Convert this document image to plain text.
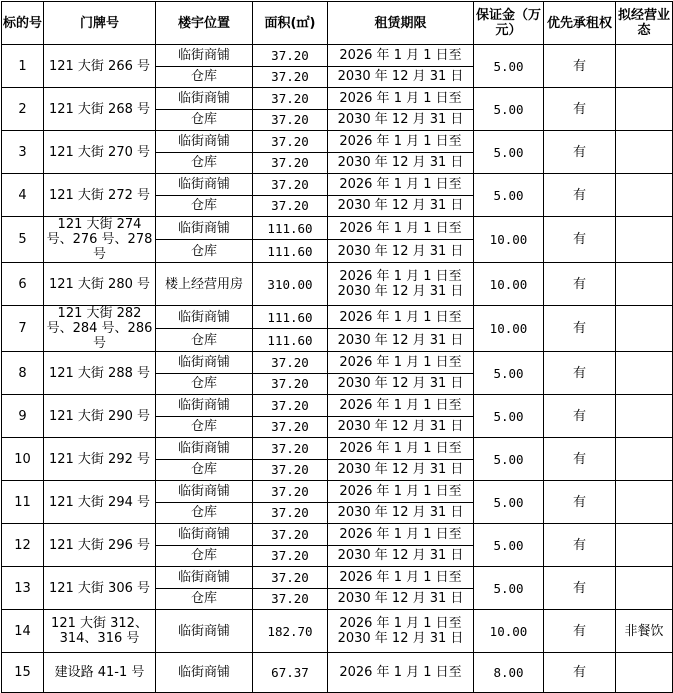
标的号	门牌号	楼宇位置	面积(㎡)	租赁期限	保证金（万元）	优先承租权	拟经营业态
1	121 大街 266 号	临街商铺	37.20	2026 年 1 月 1 日至	5.00	有	
		仓库	37.20	2030 年 12 月 31 日			
2	121 大街 268 号	临街商铺	37.20	2026 年 1 月 1 日至	5.00	有	
		仓库	37.20	2030 年 12 月 31 日			
3	121 大街 270 号	临街商铺	37.20	2026 年 1 月 1 日至	5.00	有	
		仓库	37.20	2030 年 12 月 31 日			
4	121 大街 272 号	临街商铺	37.20	2026 年 1 月 1 日至	5.00	有	
		仓库	37.20	2030 年 12 月 31 日			
5	121 大街 274 号、276 号、278 号	临街商铺	111.60	2026 年 1 月 1 日至	10.00	有	
		仓库	111.60	2030 年 12 月 31 日			
6	121 大街 280 号	楼上经营用房	310.00	2026 年 1 月 1 日至 2030 年 12 月 31 日	10.00	有	
7	121 大街 282 号、284 号、286 号	临街商铺	111.60	2026 年 1 月 1 日至	10.00	有	
		仓库	111.60	2030 年 12 月 31 日			
8	121 大街 288 号	临街商铺	37.20	2026 年 1 月 1 日至	5.00	有	
		仓库	37.20	2030 年 12 月 31 日			
9	121 大街 290 号	临街商铺	37.20	2026 年 1 月 1 日至	5.00	有	
		仓库	37.20	2030 年 12 月 31 日			
10	121 大街 292 号	临街商铺	37.20	2026 年 1 月 1 日至	5.00	有	
		仓库	37.20	2030 年 12 月 31 日			
11	121 大街 294 号	临街商铺	37.20	2026 年 1 月 1 日至	5.00	有	
		仓库	37.20	2030 年 12 月 31 日			
12	121 大街 296 号	临街商铺	37.20	2026 年 1 月 1 日至	5.00	有	
		仓库	37.20	2030 年 12 月 31 日			
13	121 大街 306 号	临街商铺	37.20	2026 年 1 月 1 日至	5.00	有	
		仓库	37.20	2030 年 12 月 31 日			
14	121 大街 312、314、316 号	临街商铺	182.70	2026 年 1 月 1 日至 2030 年 12 月 31 日	10.00	有	非餐饮
15	建设路 41-1 号	临街商铺	67.37	2026 年 1 月 1 日至	8.00	有	
